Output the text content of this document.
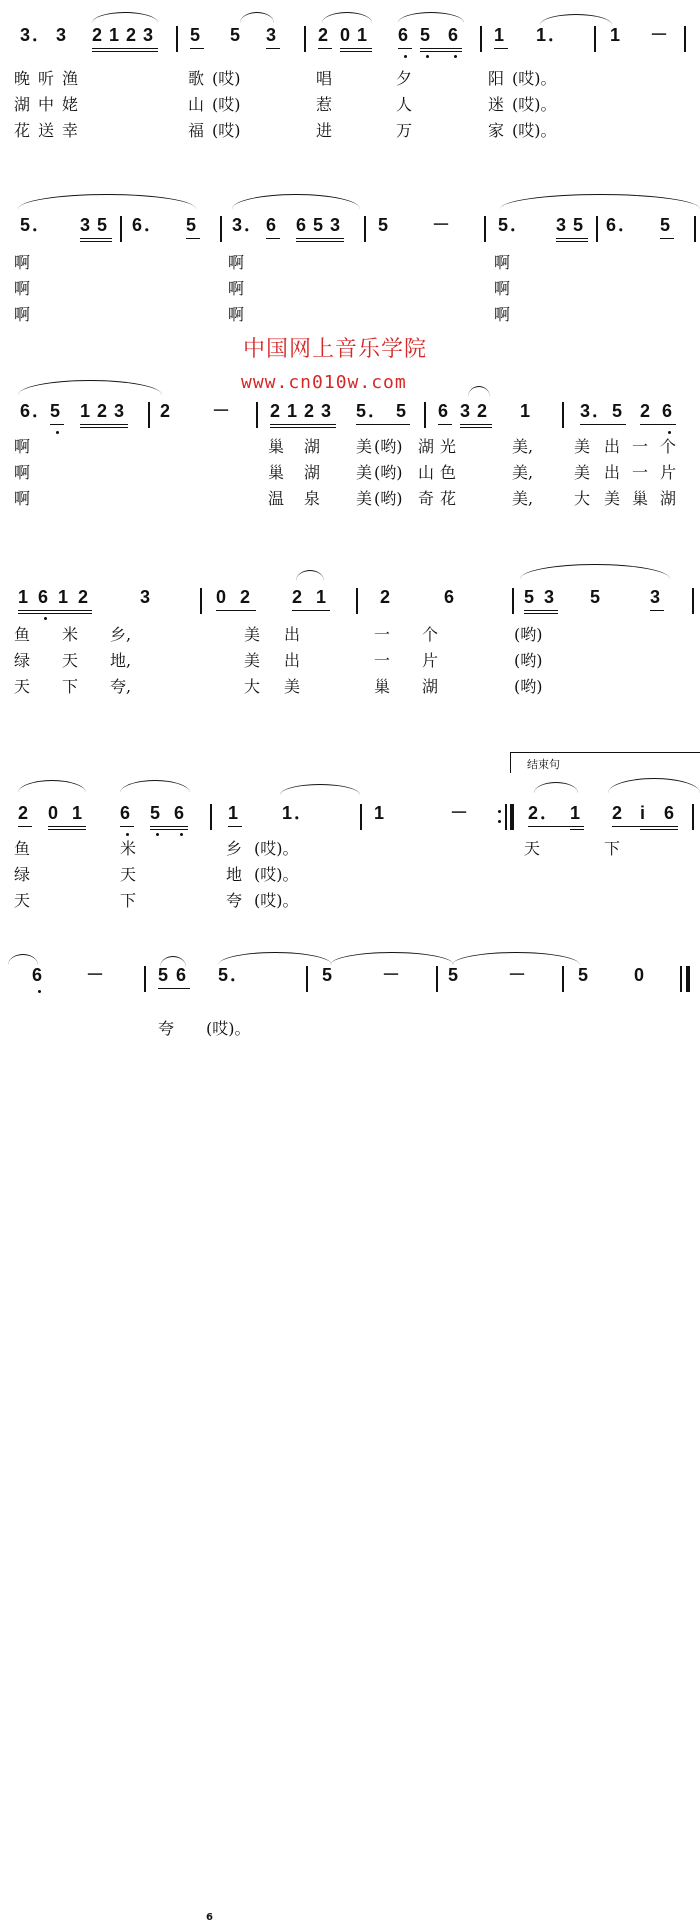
3 ． 3 2 1 2 3 5 5 3 2 0 1 6 5 6 1 1 ． 1 －
晚 听 渔	歌 (哎)	唱	夕	阳 (哎)。
湖 中 姥	山 (哎)	惹	人	迷 (哎)。
花 送 幸	福 (哎)	进	万	家 (哎)。
5 ． 3 5 6 ． 5 3 ． 6 6 5 3 5 －	5 ． 3 5 6 ． 5
啊	啊	啊
啊	啊	啊
啊	啊	啊
中国网上音乐学院
www.cn010w.com
6 ． 5 1 2 3 2 － 2 1 2 3 5 ． 5 6 3 2 1	3 ． 5 2 6
啊	巢 湖 美 (哟) 湖 光	美,	美 出 一 个
啊	巢 湖 美 (哟) 山 色	美,	美 出 一 片
啊	温 泉 美 (哟) 奇 花	美,	大 美 巢 湖
1 6 1 2	3	0 2 2 1	2	6	5 3 5	3
鱼 米 乡,	美 出	一 个	(哟)
绿 天 地,	美 出	一 片	(哟)
天 下 夸,	大 美	巢 湖	(哟)
结束句
2 0 1 6 5 6 1 1 ．	1	－	2 ． 1 2 i 6
鱼	米	乡 (哎)。	天	下
绿	天	地 (哎)。
天	下	夸 (哎)。
6 －	5 6
6
5 ．	5	－	5	－	5	0
夸 (哎)。
